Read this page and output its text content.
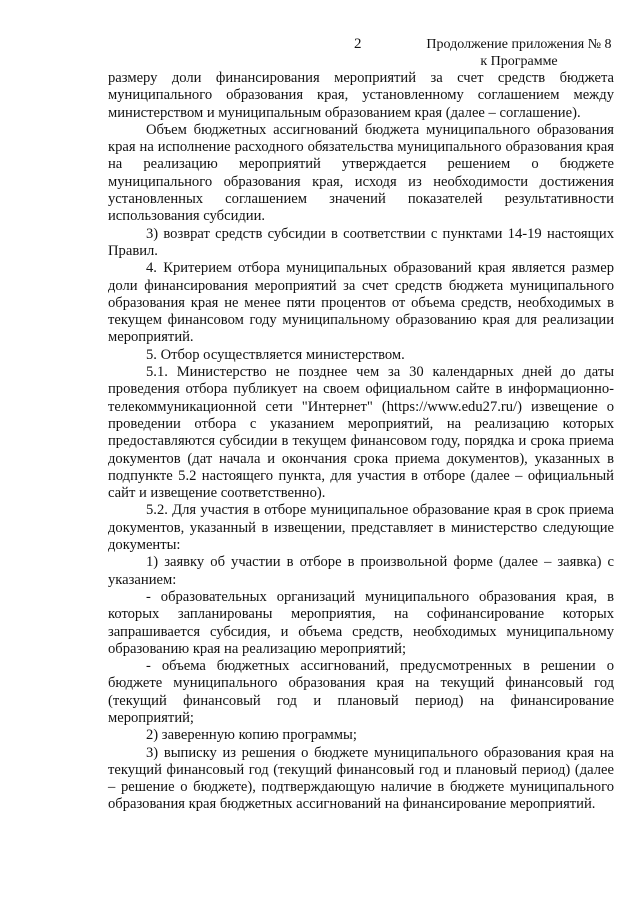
2	Продолжение приложения № 8
к Программе

размеру доли финансирования мероприятий за счет средств бюджета муниципального образования края, установленному соглашением между министерством и муниципальным образованием края (далее – соглашение).

Объем бюджетных ассигнований бюджета муниципального образования края на исполнение расходного обязательства муниципального образования края на реализацию мероприятий утверждается решением о бюджете муниципального образования края, исходя из необходимости достижения установленных соглашением значений показателей результативности использования субсидии.

3) возврат средств субсидии в соответствии с пунктами 14-19 настоящих Правил.

4. Критерием отбора муниципальных образований края является размер доли финансирования мероприятий за счет средств бюджета муниципального образования края не менее пяти процентов от объема средств, необходимых в текущем финансовом году муниципальному образованию края для реализации мероприятий.

5. Отбор осуществляется министерством.

5.1. Министерство не позднее чем за 30 календарных дней до даты проведения отбора публикует на своем официальном сайте в информационно-телекоммуникационной сети "Интернет" (https://www.edu27.ru/) извещение о проведении отбора с указанием мероприятий, на реализацию которых предоставляются субсидии в текущем финансовом году, порядка и срока приема документов (дат начала и окончания срока приема документов), указанных в подпункте 5.2 настоящего пункта, для участия в отборе (далее – официальный сайт и извещение соответственно).

5.2. Для участия в отборе муниципальное образование края в срок приема документов, указанный в извещении, представляет в министерство следующие документы:

1) заявку об участии в отборе в произвольной форме (далее – заявка) с указанием:

- образовательных организаций муниципального образования края, в которых запланированы мероприятия, на софинансирование которых запрашивается субсидия, и объема средств, необходимых муниципальному образованию края на реализацию мероприятий;

- объема бюджетных ассигнований, предусмотренных в решении о бюджете муниципального образования края на текущий финансовый год (текущий финансовый год и плановый период) на финансирование мероприятий;

2) заверенную копию программы;

3) выписку из решения о бюджете муниципального образования края на текущий финансовый год (текущий финансовый год и плановый период) (далее – решение о бюджете), подтверждающую наличие в бюджете муниципального образования края бюджетных ассигнований на финансирование мероприятий.
